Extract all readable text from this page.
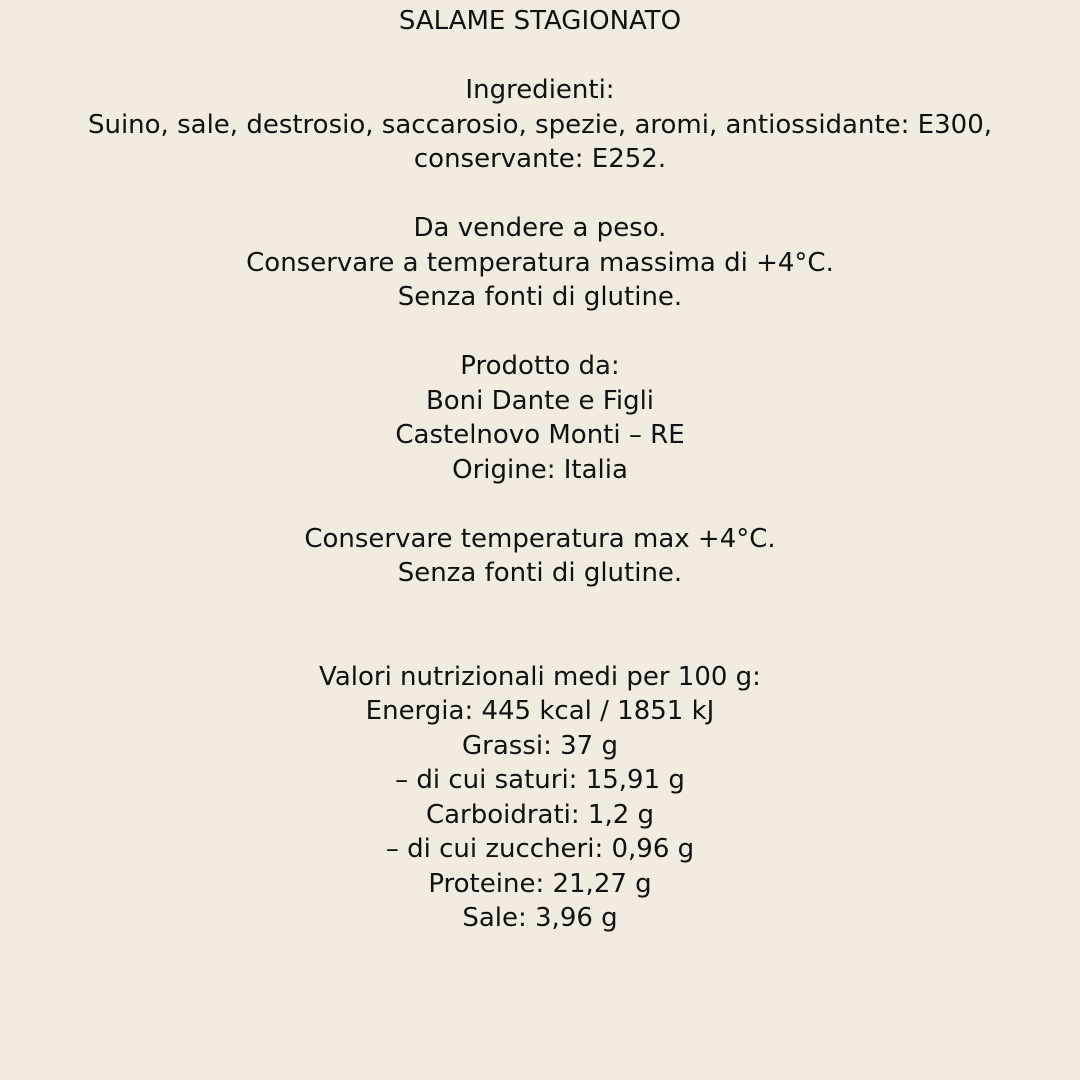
SALAME STAGIONATO
Ingredienti:
Suino, sale, destrosio, saccarosio, spezie, aromi, antiossidante: E300,
conservante: E252.
Da vendere a peso.
Conservare a temperatura massima di +4°C.
Senza fonti di glutine.
Prodotto da:
Boni Dante e Figli
Castelnovo Monti – RE
Origine: Italia
Conservare temperatura max +4°C.
Senza fonti di glutine.
Valori nutrizionali medi per 100 g:
Energia: 445 kcal / 1851 kJ
Grassi: 37 g
– di cui saturi: 15,91 g
Carboidrati: 1,2 g
– di cui zuccheri: 0,96 g
Proteine: 21,27 g
Sale: 3,96 g
